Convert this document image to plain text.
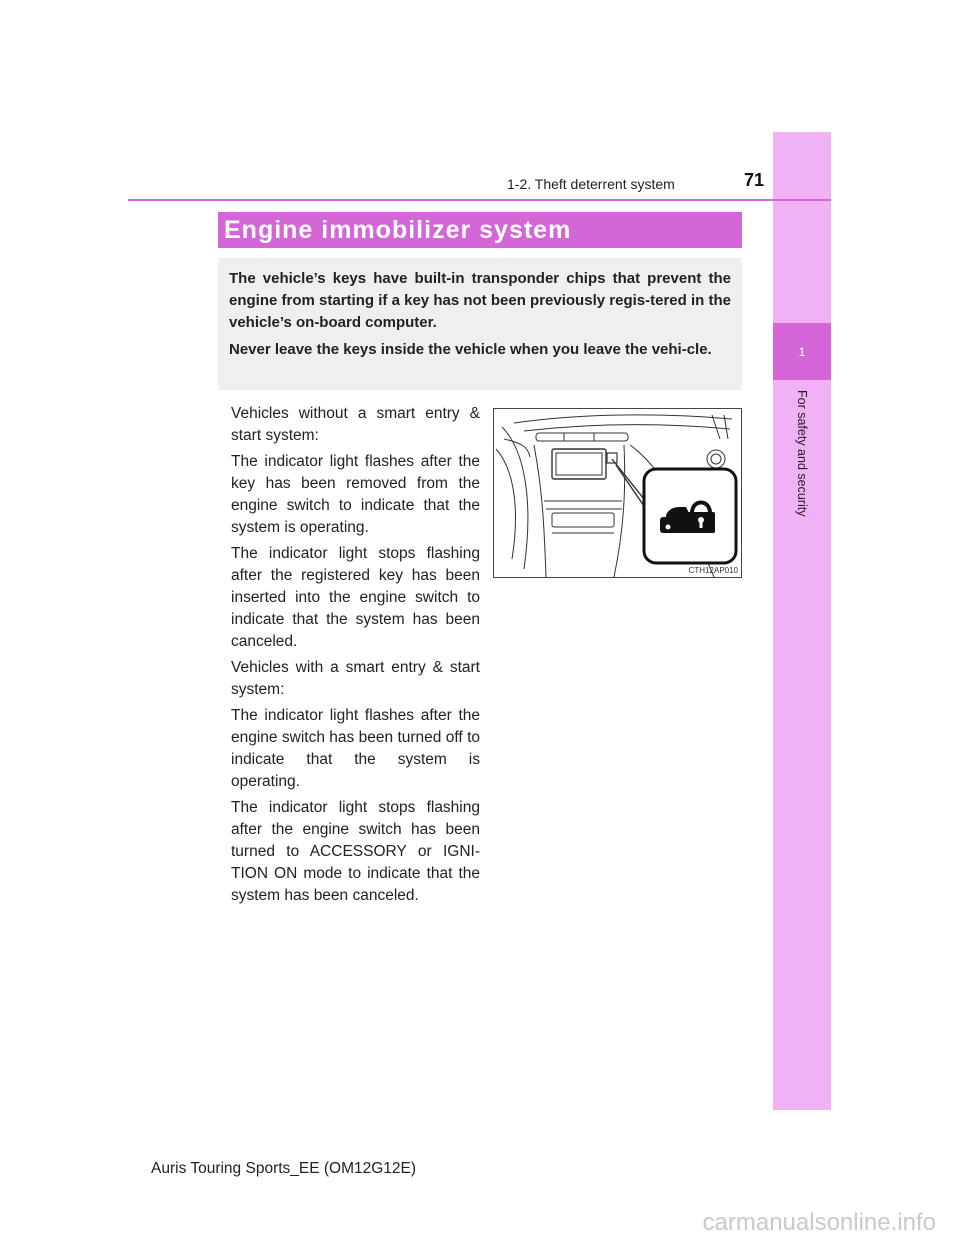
1
For safety and security
1-2. Theft deterrent system	71
Engine immobilizer system

The vehicle’s keys have built-in transponder chips that prevent the engine from starting if a key has not been previously regis-tered in the vehicle’s on-board computer.

Never leave the keys inside the vehicle when you leave the vehi-cle.

Vehicles without a smart entry & start system:

The indicator light flashes after the key has been removed from the engine switch to indicate that the system is operating.

The indicator light stops flashing after the registered key has been inserted into the engine switch to indicate that the system has been canceled.

Vehicles with a smart entry & start system:

The indicator light flashes after the engine switch has been turned off to indicate that the system is operating.

The indicator light stops flashing after the engine switch has been turned to ACCESSORY or IGNI-TION ON mode to indicate that the system has been canceled.

CTH12AP010
Auris Touring Sports_EE (OM12G12E)
carmanualsonline.info
